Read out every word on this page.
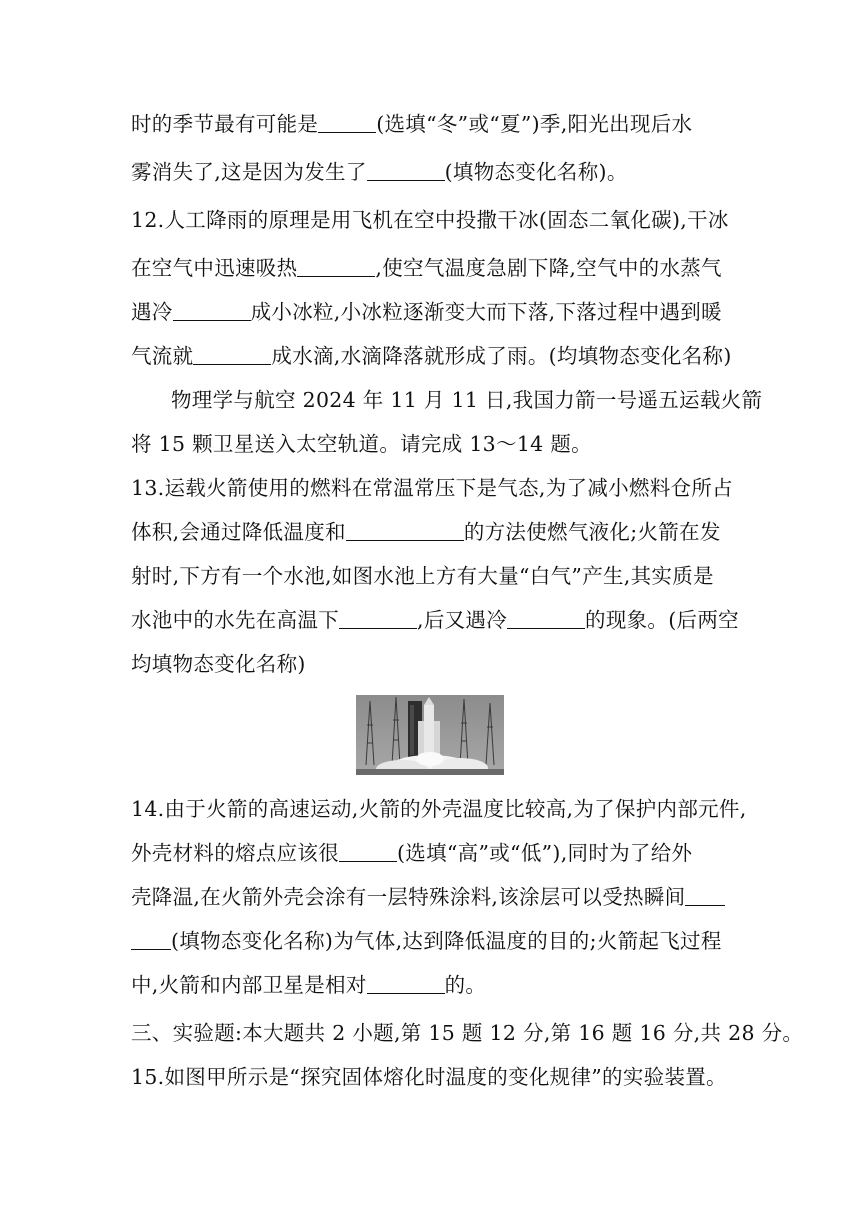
时的季节最有可能是	(选填“冬”或“夏”)季,阳光出现后水
雾消失了,这是因为发生了	(填物态变化名称)。
12.人工降雨的原理是用飞机在空中投撒干冰(固态二氧化碳),干冰
在空气中迅速吸热	,使空气温度急剧下降,空气中的水蒸气
遇冷	成小冰粒,小冰粒逐渐变大而下落,下落过程中遇到暖
气流就	成水滴,水滴降落就形成了雨。(均填物态变化名称)
物理学与航空 2024 年 11 月 11 日,我国力箭一号遥五运载火箭
将 15 颗卫星送入太空轨道。请完成 13～14 题。
13.运载火箭使用的燃料在常温常压下是气态,为了减小燃料仓所占
体积,会通过降低温度和	的方法使燃气液化;火箭在发
射时,下方有一个水池,如图水池上方有大量“白气”产生,其实质是
水池中的水先在高温下	,后又遇冷	的现象。(后两空
均填物态变化名称)
14.由于火箭的高速运动,火箭的外壳温度比较高,为了保护内部元件,
外壳材料的熔点应该很	(选填“高”或“低”),同时为了给外
壳降温,在火箭外壳会涂有一层特殊涂料,该涂层可以受热瞬间
(填物态变化名称)为气体,达到降低温度的目的;火箭起飞过程
中,火箭和内部卫星是相对	的。
三、实验题:本大题共 2 小题,第 15 题 12 分,第 16 题 16 分,共 28 分。
15.如图甲所示是“探究固体熔化时温度的变化规律”的实验装置。
